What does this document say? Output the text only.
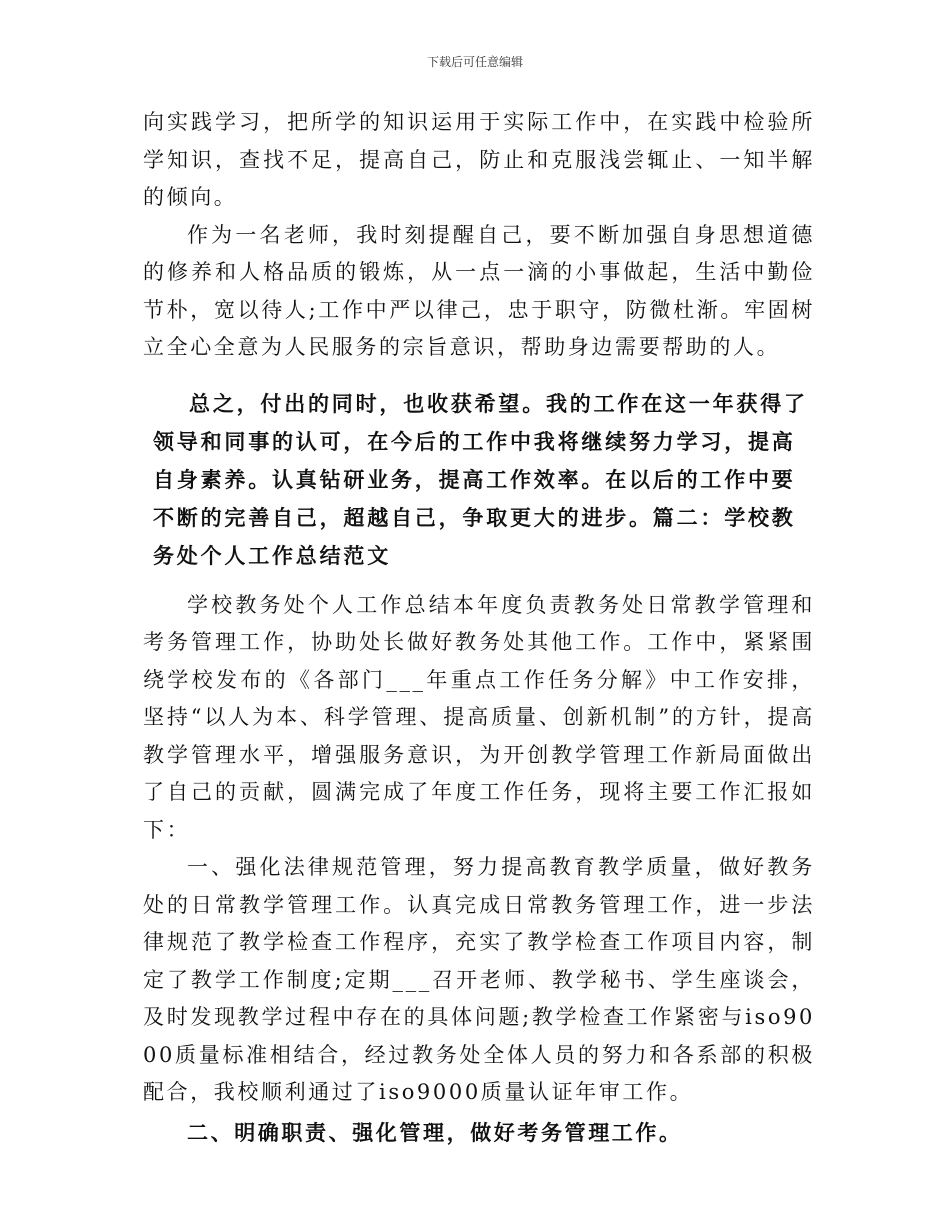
下载后可任意编辑

向实践学习，把所学的知识运用于实际工作中，在实践中检验所学知识，查找不足，提高自己，防止和克服浅尝辄止、一知半解的倾向。

作为一名老师，我时刻提醒自己，要不断加强自身思想道德的修养和人格品质的锻炼，从一点一滴的小事做起，生活中勤俭节朴，宽以待人;工作中严以律己，忠于职守，防微杜渐。牢固树立全心全意为人民服务的宗旨意识，帮助身边需要帮助的人。

总之，付出的同时，也收获希望。我的工作在这一年获得了领导和同事的认可，在今后的工作中我将继续努力学习，提高自身素养。认真钻研业务，提高工作效率。在以后的工作中要不断的完善自己，超越自己，争取更大的进步。篇二：学校教务处个人工作总结范文

学校教务处个人工作总结本年度负责教务处日常教学管理和考务管理工作，协助处长做好教务处其他工作。工作中，紧紧围绕学校发布的《各部门___年重点工作任务分解》中工作安排，坚持“以人为本、科学管理、提高质量、创新机制”的方针，提高教学管理水平，增强服务意识，为开创教学管理工作新局面做出了自己的贡献，圆满完成了年度工作任务，现将主要工作汇报如下：

一、强化法律规范管理，努力提高教育教学质量，做好教务处的日常教学管理工作。认真完成日常教务管理工作，进一步法律规范了教学检查工作程序，充实了教学检查工作项目内容，制定了教学工作制度;定期___召开老师、教学秘书、学生座谈会，及时发现教学过程中存在的具体问题;教学检查工作紧密与iso9000质量标准相结合，经过教务处全体人员的努力和各系部的积极配合，我校顺利通过了iso9000质量认证年审工作。

二、明确职责、强化管理，做好考务管理工作。
